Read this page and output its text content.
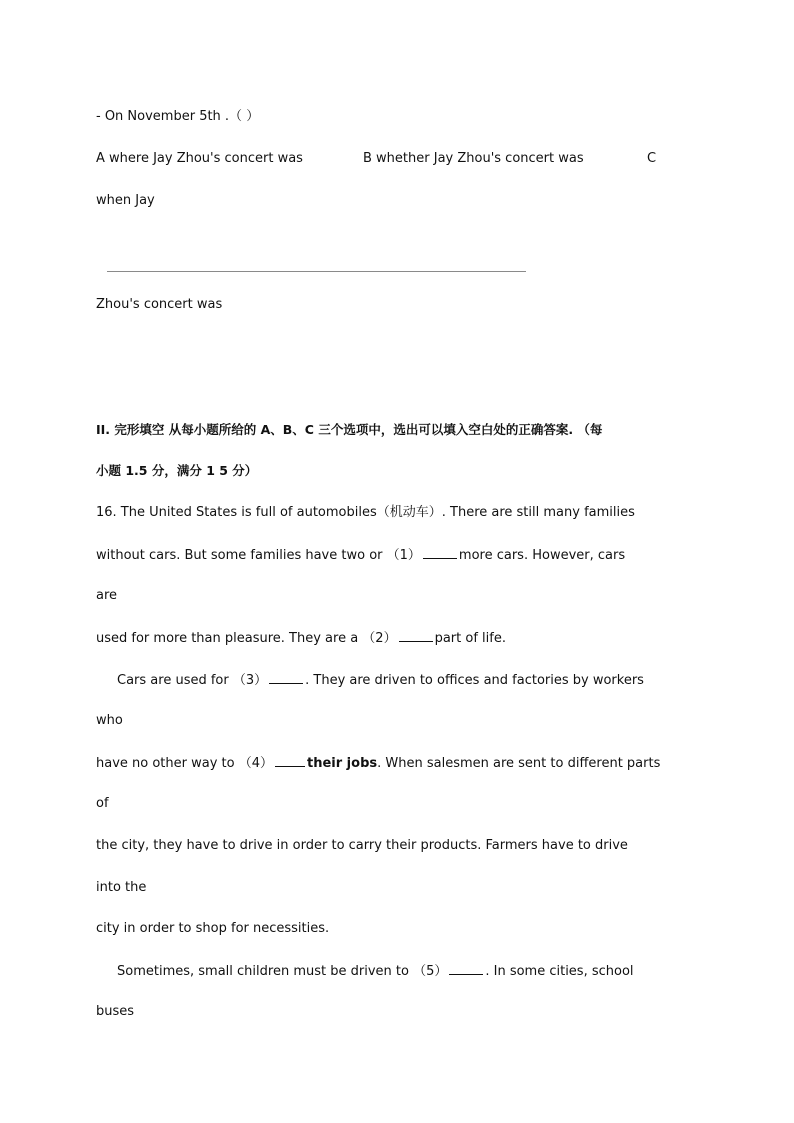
- On November 5th .（ ）
A where Jay Zhou's concert was	B whether Jay Zhou's concert was	C
when Jay
Zhou's concert was
II. 完形填空 从每小题所给的 A、B、C 三个选项中，选出可以填入空白处的正确答案. （每
小题 1.5 分，满分 1 5 分）
16. The United States is full of automobiles（机动车）. There are still many families
without cars. But some families have two or （1）	more cars. However, cars
are
used for more than pleasure. They are a （2）	part of life.
Cars are used for （3）	. They are driven to offices and factories by workers
who
have no other way to （4）	their jobs. When salesmen are sent to different parts
of
the city, they have to drive in order to carry their products. Farmers have to drive
into the
city in order to shop for necessities.
Sometimes, small children must be driven to （5）	. In some cities, school
buses
